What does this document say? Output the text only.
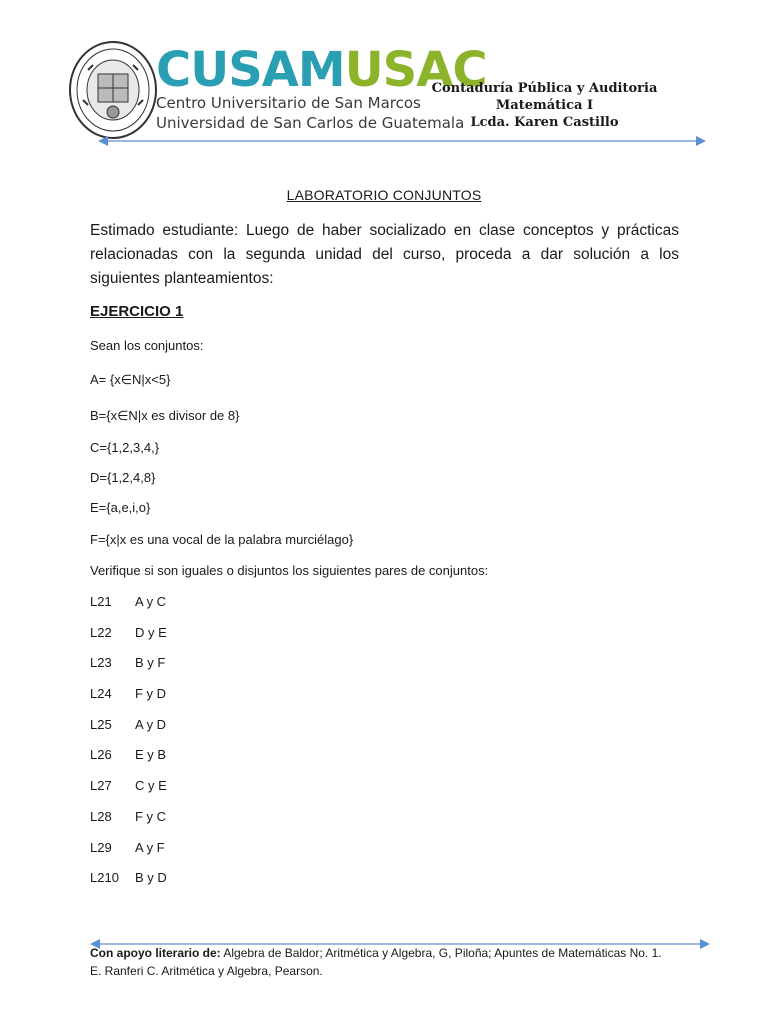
CUSAMUSAC
Centro Universitario de San Marcos
Universidad de San Carlos de Guatemala
Contaduría Pública y Auditoria
Matemática I
Lcda. Karen Castillo
LABORATORIO CONJUNTOS
Estimado estudiante: Luego de haber socializado en clase conceptos y prácticas relacionadas con la segunda unidad del curso, proceda a dar solución a los siguientes planteamientos:
EJERCICIO 1
Sean los conjuntos:
A= {x∈N|x<5}
B={x∈N|x es divisor de 8}
C={1,2,3,4,}
D={1,2,4,8}
E={a,e,i,o}
F={x|x es una vocal de la palabra murciélago}
Verifique si son iguales o disjuntos los siguientes pares de conjuntos:
L21 A y C
L22 D y E
L23 B y F
L24 F y D
L25 A y D
L26 E y B
L27 C y E
L28 F y C
L29 A y F
L210 B y D
Con apoyo literario de: Algebra de Baldor; Aritmética y Algebra, G, Piloña; Apuntes de Matemáticas No. 1. E. Ranferi C. Aritmética y Algebra, Pearson.
